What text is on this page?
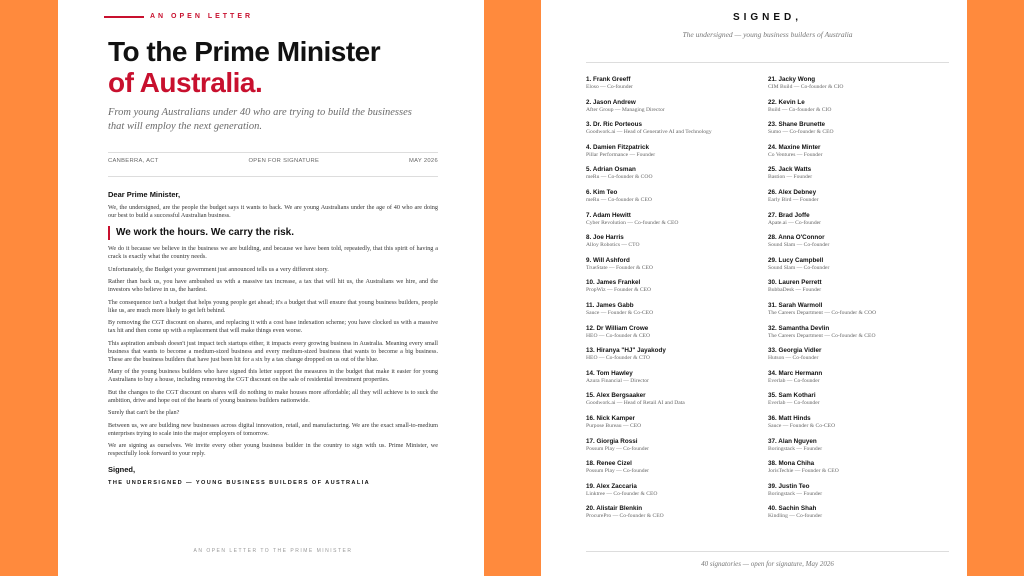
AN OPEN LETTER
To the Prime Minister
of Australia.
From young Australians under 40 who are trying to build the businesses that will employ the next generation.
CANBERRA, ACT	OPEN FOR SIGNATURE	MAY 2026

Dear Prime Minister,

We, the undersigned, are the people the budget says it wants to back. We are young Australians under the age of 40 who are doing our best to build a successful Australian business.

We work the hours. We carry the risk.

We do it because we believe in the business we are building, and because we have been told, repeatedly, that this spirit of having a crack is exactly what the country needs.

Unfortunately, the Budget your government just announced tells us a very different story.

Rather than back us, you have ambushed us with a massive tax increase, a tax that will hit us, the Australians we hire, and the investors who believe in us, the hardest.

The consequence isn't a budget that helps young people get ahead; it's a budget that will ensure that young business builders, people like us, are much more likely to get left behind.

By removing the CGT discount on shares, and replacing it with a cost base indexation scheme; you have clocked us with a massive tax hit and then come up with a replacement that will make things even worse.

This aspiration ambush doesn't just impact tech startups either, it impacts every growing business in Australia. Meaning every small business that wants to become a medium-sized business and every medium-sized business that wants to become a big business. These are the business builders that have just been hit for a six by a tax change dropped on us out of the blue.

Many of the young business builders who have signed this letter support the measures in the budget that make it easier for young Australians to buy a house, including removing the CGT discount on the sale of residential investment properties.

But the changes to the CGT discount on shares will do nothing to make houses more affordable; all they will achieve is to suck the ambition, drive and hope out of the hearts of young business builders nationwide.

Surely that can't be the plan?

Between us, we are building new businesses across digital innovation, retail, and manufacturing. We are the exact small-to-medium enterprises trying to scale into the major employers of tomorrow.

We are signing as ourselves. We invite every other young business builder in the country to sign with us. Prime Minister, we respectfully look forward to your reply.

Signed,

THE UNDERSIGNED — YOUNG BUSINESS BUILDERS OF AUSTRALIA

AN OPEN LETTER TO THE PRIME MINISTER
SIGNED,
The undersigned — young business builders of Australia
1. Frank Greeff
Eloso — Co-founder
2. Jason Andrew
After Group — Managing Director
3. Dr. Ric Porteous
Goodwork.ai — Head of Generative AI and Technology
4. Damien Fitzpatrick
Pillar Performance — Founder
5. Adrian Osman
meRu — Co-founder & COO
6. Kim Teo
meRu — Co-founder & CEO
7. Adam Hewitt
Cyber Revolution — Co-founder & CEO
8. Joe Harris
Alloy Robotics — CTO
9. Will Ashford
TrueState — Founder & CEO
10. James Frankel
PropWiz — Founder & CEO
11. James Gabb
Sauce — Founder & Co-CEO
12. Dr William Crowe
HEO — Co-founder & CEO
13. Hiranya "HJ" Jayakody
HEO — Co-founder & CTO
14. Tom Hawley
Azura Financial — Director
15. Alex Bergsaaker
Goodwork.ai — Head of Retail AI and Data
16. Nick Kamper
Purpose Bureau — CEO
17. Giorgia Rossi
Possum Play — Co-founder
18. Renee Cizel
Possum Play — Co-founder
19. Alex Zaccaria
Linktree — Co-founder & CEO
20. Alistair Blenkin
ProcurePro — Co-founder & CEO
21. Jacky Wong
CIM Build — Co-founder & CIO
22. Kevin Le
Build — Co-founder & CIO
23. Shane Brunette
Sumo — Co-founder & CEO
24. Maxine Minter
Co Ventures — Founder
25. Jack Watts
Bastion — Founder
26. Alex Debney
Early Bird — Founder
27. Brad Joffe
Apate.ai — Co-founder
28. Anna O'Connor
Sound Slam — Co-founder
29. Lucy Campbell
Sound Slam — Co-founder
30. Lauren Perrett
BubbaDesk — Founder
31. Sarah Warmoll
The Careers Department — Co-founder & COO
32. Samantha Devlin
The Careers Department — Co-founder & CEO
33. Georgia Vidler
Hutson — Co-founder
34. Marc Hermann
Everlab — Co-founder
35. Sam Kothari
Everlab — Co-founder
36. Matt Hinds
Sauce — Founder & Co-CEO
37. Alan Nguyen
Boringstack — Founder
38. Mona Chiha
JorisTechie — Founder & CEO
39. Justin Teo
Boringstack — Founder
40. Sachin Shah
Kindling — Co-founder
40 signatories — open for signature, May 2026
